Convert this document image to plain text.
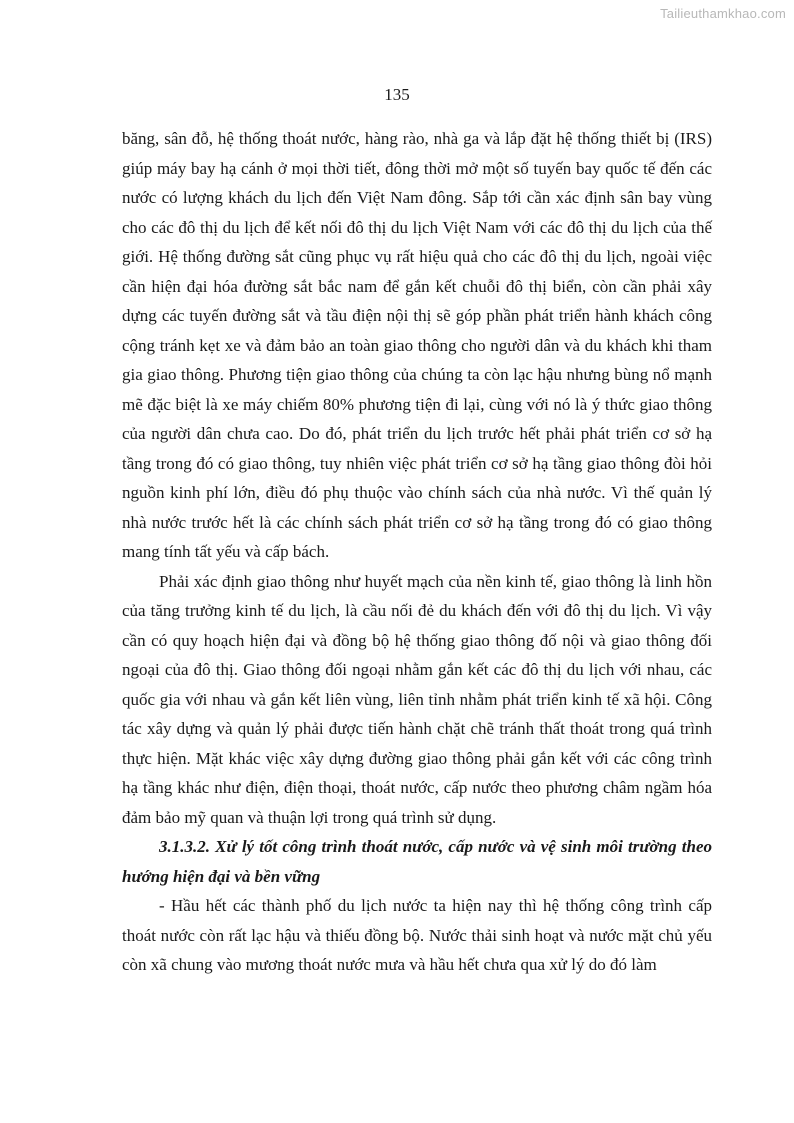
Tailieuthamkhao.com
135

băng, sân đỗ, hệ thống thoát nước, hàng rào, nhà ga và lắp đặt hệ thống thiết bị (IRS) giúp máy bay hạ cánh ở mọi thời tiết, đông thời mở một số tuyến bay quốc tế đến các nước có lượng khách du lịch đến Việt Nam đông. Sắp tới cần xác định sân bay vùng cho các đô thị du lịch để kết nối đô thị du lịch Việt Nam với các đô thị du lịch của thế giới. Hệ thống đường sắt cũng phục vụ rất hiệu quả cho các đô thị du lịch, ngoài việc cần hiện đại hóa đường sắt bắc nam để gắn kết chuỗi đô thị biển, còn cần phải xây dựng các tuyến đường sắt và tầu điện nội thị sẽ góp phần phát triển hành khách công cộng tránh kẹt xe và đảm bảo an toàn giao thông cho người dân và du khách khi tham gia giao thông. Phương tiện giao thông của chúng ta còn lạc hậu nhưng bùng nổ mạnh mẽ đặc biệt là xe máy chiếm 80% phương tiện đi lại, cùng với nó là ý thức giao thông của người dân chưa cao. Do đó, phát triển du lịch trước hết phải phát triển cơ sở hạ tầng trong đó có giao thông, tuy nhiên việc phát triển cơ sở hạ tầng giao thông đòi hỏi nguồn kinh phí lớn, điều đó phụ thuộc vào chính sách của nhà nước. Vì thế quản lý nhà nước trước hết là các chính sách phát triển cơ sở hạ tầng trong đó có giao thông mang tính tất yếu và cấp bách.

Phải xác định giao thông như huyết mạch của nền kinh tế, giao thông là linh hồn của tăng trưởng kinh tế du lịch, là cầu nối đẻ du khách đến với đô thị du lịch. Vì vậy cần có quy hoạch hiện đại và đồng bộ hệ thống giao thông đố nội và giao thông đối ngoại của đô thị. Giao thông đối ngoại nhằm gắn kết các đô thị du lịch với nhau, các quốc gia với nhau và gắn kết liên vùng, liên tỉnh nhằm phát triển kinh tế xã hội. Công tác xây dựng và quản lý phải được tiến hành chặt chẽ tránh thất thoát trong quá trình thực hiện. Mặt khác việc xây dựng đường giao thông phải gắn kết với các công trình hạ tầng khác như điện, điện thoại, thoát nước, cấp nước theo phương châm ngầm hóa đảm bảo mỹ quan và thuận lợi trong quá trình sử dụng.

3.1.3.2. Xử lý tốt công trình thoát nước, cấp nước và vệ sinh môi trường theo hướng hiện đại và bền vững

- Hầu hết các thành phố du lịch nước ta hiện nay thì hệ thống công trình cấp thoát nước còn rất lạc hậu và thiếu đồng bộ. Nước thải sinh hoạt và nước mặt chủ yếu còn xã chung vào mương thoát nước mưa và hầu hết chưa qua xử lý do đó làm
